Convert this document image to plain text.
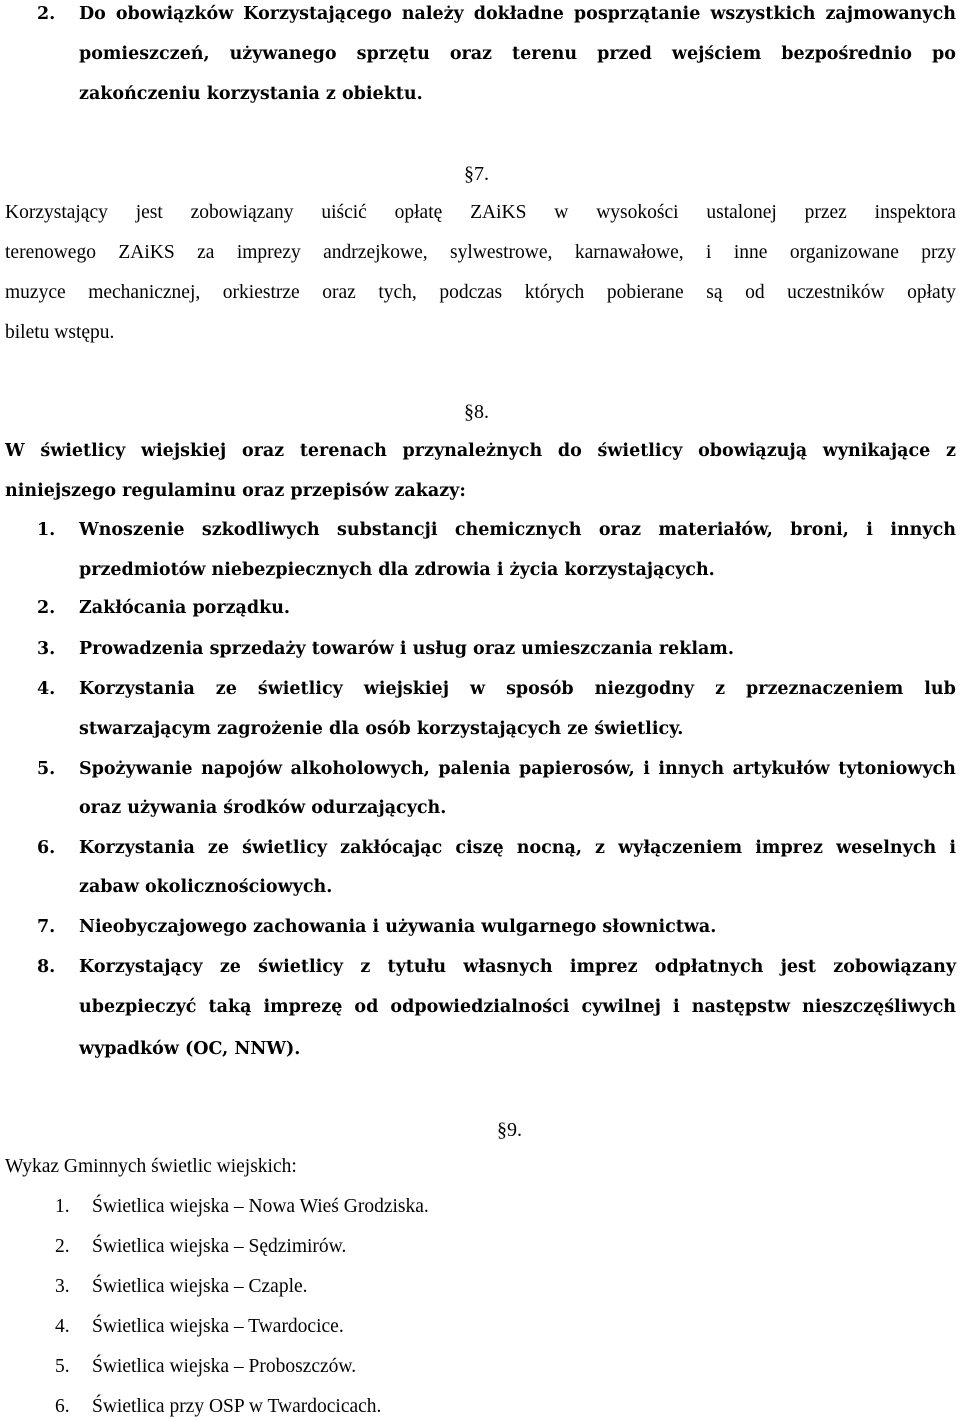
2. Do obowiązków Korzystającego należy dokładne posprzątanie wszystkich zajmowanych
pomieszczeń, używanego sprzętu oraz terenu przed wejściem bezpośrednio po
zakończeniu korzystania z obiektu.
§7.
Korzystający jest zobowiązany uiścić opłatę ZAiKS w wysokości ustalonej przez inspektora
terenowego ZAiKS za imprezy andrzejkowe, sylwestrowe, karnawałowe, i inne organizowane przy
muzyce mechanicznej, orkiestrze oraz tych, podczas których pobierane są od uczestników opłaty
biletu wstępu.
§8.
W świetlicy wiejskiej oraz terenach przynależnych do świetlicy obowiązują wynikające z
niniejszego regulaminu oraz przepisów zakazy:
1. Wnoszenie szkodliwych substancji chemicznych oraz materiałów, broni, i innych
przedmiotów niebezpiecznych dla zdrowia i życia korzystających.
2. Zakłócania porządku.
3. Prowadzenia sprzedaży towarów i usług oraz umieszczania reklam.
4. Korzystania ze świetlicy wiejskiej w sposób niezgodny z przeznaczeniem lub
stwarzającym zagrożenie dla osób korzystających ze świetlicy.
5. Spożywanie napojów alkoholowych, palenia papierosów, i innych artykułów tytoniowych
oraz używania środków odurzających.
6. Korzystania ze świetlicy zakłócając ciszę nocną, z wyłączeniem imprez weselnych i
zabaw okolicznościowych.
7. Nieobyczajowego zachowania i używania wulgarnego słownictwa.
8. Korzystający ze świetlicy z tytułu własnych imprez odpłatnych jest zobowiązany
ubezpieczyć taką imprezę od odpowiedzialności cywilnej i następstw nieszczęśliwych
wypadków (OC, NNW).
§9.
Wykaz Gminnych świetlic wiejskich:
1. Świetlica wiejska – Nowa Wieś Grodziska.
2. Świetlica wiejska – Sędzimirów.
3. Świetlica wiejska – Czaple.
4. Świetlica wiejska – Twardocice.
5. Świetlica wiejska – Proboszczów.
6. Świetlica przy OSP w Twardocicach.
